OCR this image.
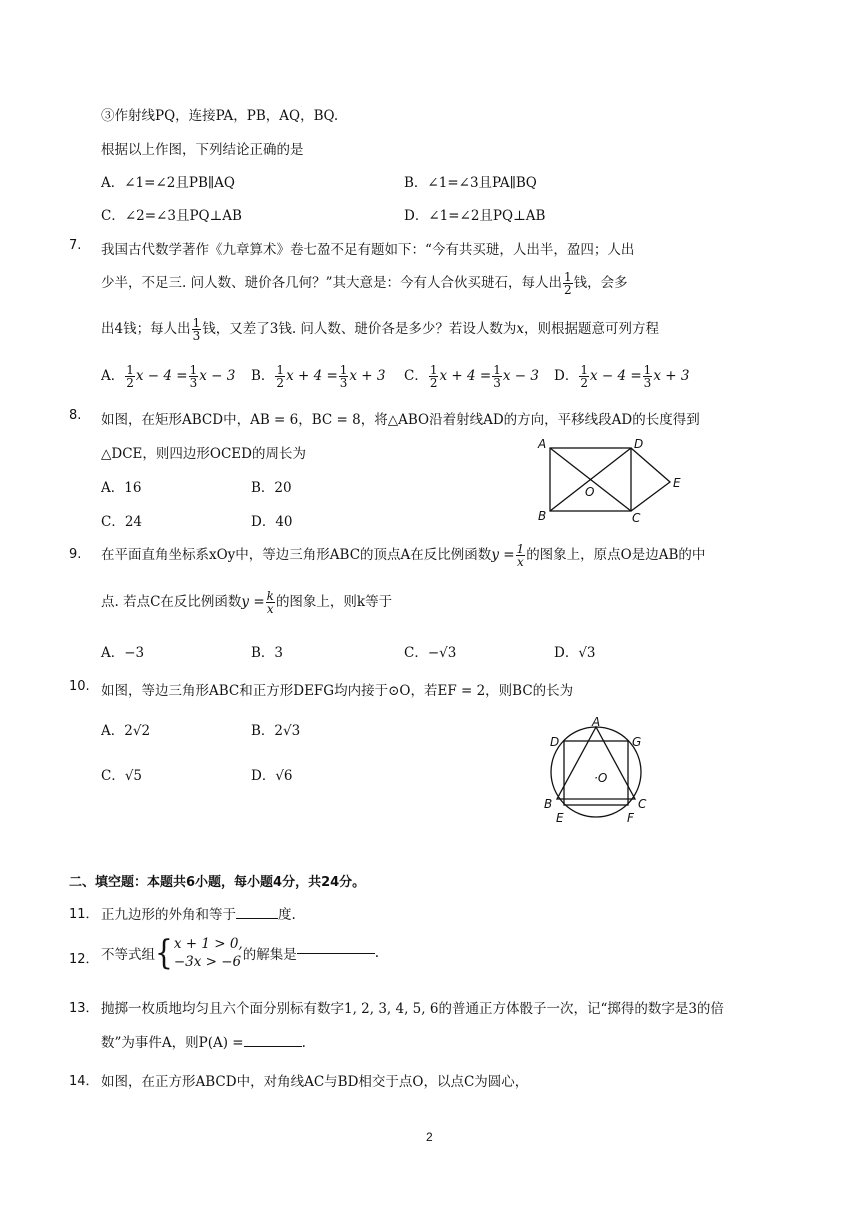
③作射线PQ，连接PA，PB，AQ，BQ.
根据以上作图，下列结论正确的是
A．∠1=∠2且PB∥AQ	B．∠1=∠3且PA∥BQ
C．∠2=∠3且PQ⊥AB	D．∠1=∠2且PQ⊥AB
7. 我国古代数学著作《九章算术》卷七盈不足有题如下：“今有共买琎，人出半，盈四；人出
少半，不足三. 问人数、琎价各几何？”其大意是：今有人合伙买琎石，每人出 $\frac{1}{2}$ 钱，会多
出4钱；每人出 $\frac{1}{3}$ 钱，又差了3钱. 问人数、琎价各是多少？若设人数为x，则根据题意可列方程
A． $\frac{1}{2}$ $x - 4 = \frac{1}{3}$ x − 3 B． $\frac{1}{2}$ $x + 4 = \frac{1}{3}$ x + 3 C． $\frac{1}{2}$ $x + 4 = \frac{1}{3}$ x − 3 D． $\frac{1}{2}$ $x - 4 = \frac{1}{3}$ x + 3
8. 如图，在矩形ABCD中，AB = 6，BC = 8，将△ABO沿着射线AD的方向，平移线段AD的长度得到
△DCE，则四边形OCED的周长为
A．16	B．20
C．24	D．40
A	D
E
O
B	C
9. 在平面直角坐标系xOy中，等边三角形ABC的顶点A在反比例函数$y = \frac{1}{x}$ 的图象上，原点O是边AB的中
点. 若点C在反比例函数$y = \frac{k}{x}$ 的图象上，则k等于
A．−3	B．3	C．−√3	D．√3
10. 如图，等边三角形ABC和正方形DEFG均内接于⊙O，若EF = 2，则BC的长为
A．2√2	B．2√3
C．√5	D．√6
A
D	G
·O
B	C
E	F
二、填空题：本题共6小题，每小题4分，共24分。
11． 正九边形的外角和等于	度.
12． 不等式组{ x + 1 > 0,
−3x > −6 的解集是	.
13． 抛掷一枚质地均匀且六个面分别标有数字1, 2, 3, 4, 5, 6的普通正方体骰子一次，记“掷得的数字是3的倍
数”为事件A，则P(A) =	.
14． 如图，在正方形ABCD中，对角线AC与BD相交于点O，以点C为圆心，
2
